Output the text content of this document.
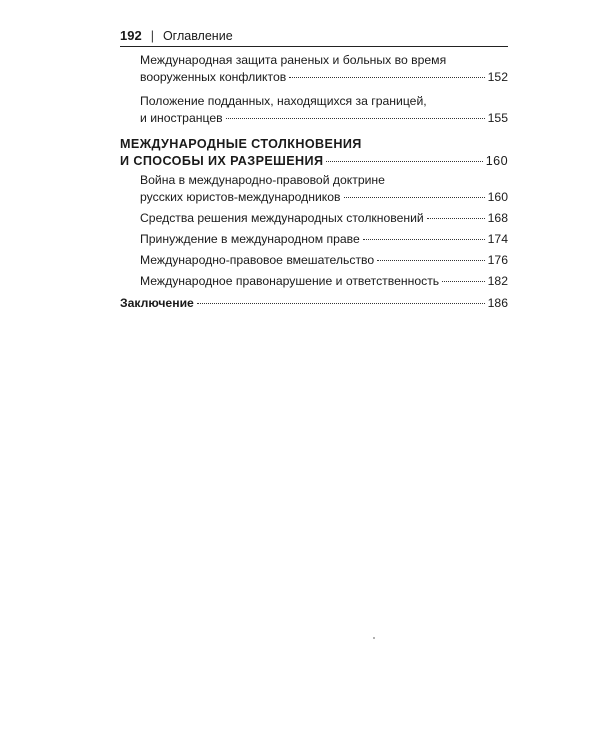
192 | Оглавление
Международная защита раненых и больных во время
вооруженных конфликтов	152
Положение подданных, находящихся за границей,
и иностранцев	155
МЕЖДУНАРОДНЫЕ СТОЛКНОВЕНИЯ
И СПОСОБЫ ИХ РАЗРЕШЕНИЯ	160
Война в международно-правовой доктрине
русских юристов-международников	160
Средства решения международных столкновений	168
Принуждение в международном праве	174
Международно-правовое вмешательство	176
Международное правонарушение и ответственность	182
Заключение	186
